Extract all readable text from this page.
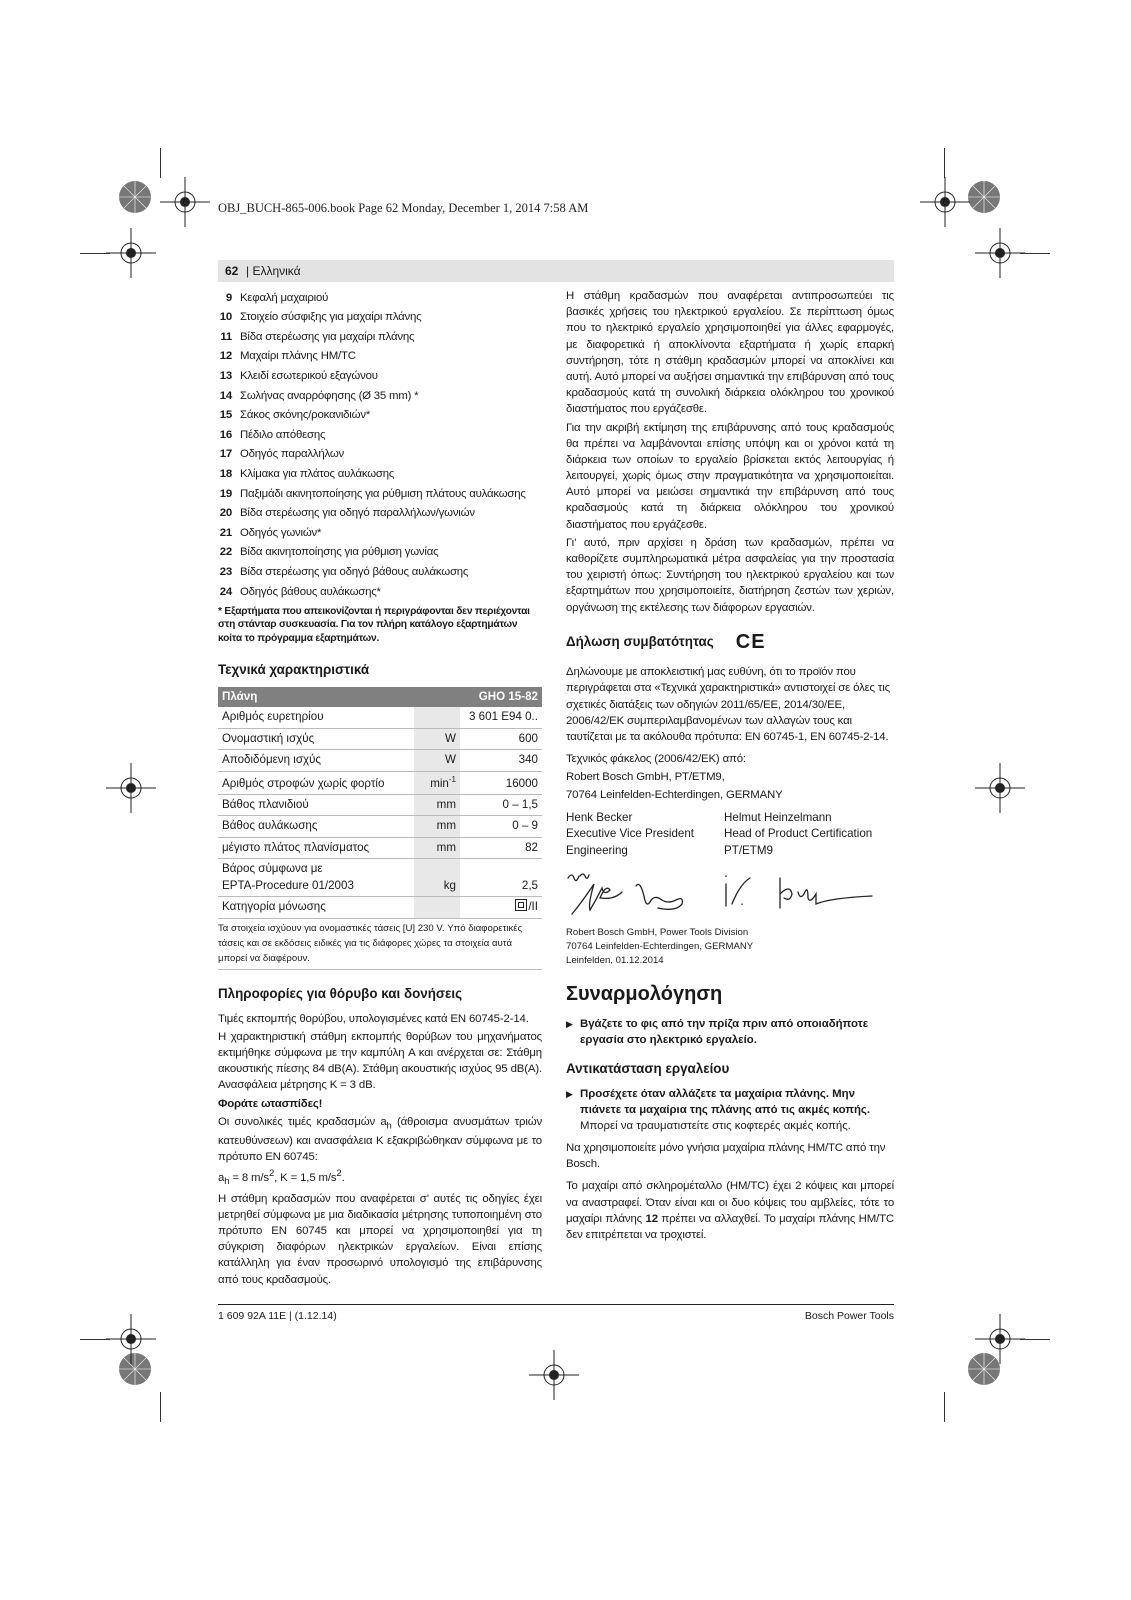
OBJ_BUCH-865-006.book Page 62 Monday, December 1, 2014 7:58 AM
62 | Ελληνικά
9 Κεφαλή μαχαιριού
10 Στοιχείο σύσφιξης για μαχαίρι πλάνης
11 Βίδα στερέωσης για μαχαίρι πλάνης
12 Μαχαίρι πλάνης HM/TC
13 Κλειδί εσωτερικού εξαγώνου
14 Σωλήνας αναρρόφησης (Ø 35 mm) *
15 Σάκος σκόνης/ροκανιδιών*
16 Πέδιλο απόθεσης
17 Οδηγός παραλλήλων
18 Κλίμακα για πλάτος αυλάκωσης
19 Παξιμάδι ακινητοποίησης για ρύθμιση πλάτους αυλάκωσης
20 Βίδα στερέωσης για οδηγό παραλλήλων/γωνιών
21 Οδηγός γωνιών*
22 Βίδα ακινητοποίησης για ρύθμιση γωνίας
23 Βίδα στερέωσης για οδηγό βάθους αυλάκωσης
24 Οδηγός βάθους αυλάκωσης*
* Εξαρτήματα που απεικονίζονται ή περιγράφονται δεν περιέχονται στη στάνταρ συσκευασία. Για τον πλήρη κατάλογο εξαρτημάτων κοίτα το πρόγραμμα εξαρτημάτων.
Τεχνικά χαρακτηριστικά
Πλάνη		GHO 15-82

Αριθμός ευρετηρίου		3 601 E94 0..

Ονομαστική ισχύς	W	600

Αποδιδόμενη ισχύς	W	340

Αριθμός στροφών χωρίς φορτίο	$\min^{-1}$	16000

Βάθος πλανιδιού	mm	0 – 1,5

Βάθος αυλάκωσης	mm	0 – 9

μέγιστο πλάτος πλανίσματος	mm	82

Βάρος σύμφωνα με
EPTA-Procedure 01/2003	kg	2,5

Κατηγορία μόνωσης		/II
Τα στοιχεία ισχύουν για ονομαστικές τάσεις [U] 230 V. Υπό διαφορετικές τάσεις και σε εκδόσεις ειδικές για τις διάφορες χώρες τα στοιχεία αυτά μπορεί να διαφέρουν.
Πληροφορίες για θόρυβο και δονήσεις

Τιμές εκπομπής θορύβου, υπολογισμένες κατά EN 60745-2-14.

Η χαρακτηριστική στάθμη εκπομπής θορύβων του μηχανήματος εκτιμήθηκε σύμφωνα με την καμπύλη A και ανέρχεται σε: Στάθμη ακουστικής πίεσης 84 dB(A). Στάθμη ακουστικής ισχύος 95 dB(A). Ανασφάλεια μέτρησης K = 3 dB.

Φοράτε ωτασπίδες!

Οι συνολικές τιμές κραδασμών $a_h$ (άθροισμα ανυσμάτων τριών κατευθύνσεων) και ανασφάλεια K εξακριβώθηκαν σύμφωνα με το πρότυπο EN 60745:

$a_h = 8$ $m/s^2$, K = 1,5 $m/s^2$.

Η στάθμη κραδασμών που αναφέρεται σ’ αυτές τις οδηγίες έχει μετρηθεί σύμφωνα με μια διαδικασία μέτρησης τυποποιημένη στο πρότυπο EN 60745 και μπορεί να χρησιμοποιηθεί για τη σύγκριση διαφόρων ηλεκτρικών εργαλείων. Είναι επίσης κατάλληλη για έναν προσωρινό υπολογισμό της επιβάρυνσης από τους κραδασμούς.

Η στάθμη κραδασμών που αναφέρεται αντιπροσωπεύει τις βασικές χρήσεις του ηλεκτρικού εργαλείου. Σε περίπτωση όμως που το ηλεκτρικό εργαλείο χρησιμοποιηθεί για άλλες εφαρμογές, με διαφορετικά ή αποκλίνοντα εξαρτήματα ή χωρίς επαρκή συντήρηση, τότε η στάθμη κραδασμών μπορεί να αποκλίνει και αυτή. Αυτό μπορεί να αυξήσει σημαντικά την επιβάρυνση από τους κραδασμούς κατά τη συνολική διάρκεια ολόκληρου του χρονικού διαστήματος που εργάζεσθε.

Για την ακριβή εκτίμηση της επιβάρυνσης από τους κραδασμούς θα πρέπει να λαμβάνονται επίσης υπόψη και οι χρόνοι κατά τη διάρκεια των οποίων το εργαλείο βρίσκεται εκτός λειτουργίας ή λειτουργεί, χωρίς όμως στην πραγματικότητα να χρησιμοποιείται. Αυτό μπορεί να μειώσει σημαντικά την επιβάρυνση από τους κραδασμούς κατά τη διάρκεια ολόκληρου του χρονικού διαστήματος που εργάζεσθε.

Γι’ αυτό, πριν αρχίσει η δράση των κραδασμών, πρέπει να καθορίζετε συμπληρωματικά μέτρα ασφαλείας για την προστασία του χειριστή όπως: Συντήρηση του ηλεκτρικού εργαλείου και των εξαρτημάτων που χρησιμοποιείτε, διατήρηση ζεστών των χεριών, οργάνωση της εκτέλεσης των διάφορων εργασιών.

Δήλωση συμβατότητας CE

Δηλώνουμε με αποκλειστική μας ευθύνη, ότι το προϊόν που περιγράφεται στα «Τεχνικά χαρακτηριστικά» αντιστοιχεί σε όλες τις σχετικές διατάξεις των οδηγιών 2011/65/EE, 2014/30/EE, 2006/42/EK συμπεριλαμβανομένων των αλλαγών τους και ταυτίζεται με τα ακόλουθα πρότυπα: EN 60745-1, EN 60745-2-14.

Τεχνικός φάκελος (2006/42/EK) από:

Robert Bosch GmbH, PT/ETM9,

70764 Leinfelden-Echterdingen, GERMANY

Henk Becker	Helmut Heinzelmann
Executive Vice President	Head of Product Certification
Engineering	PT/ETM9
Robert Bosch GmbH, Power Tools Division
70764 Leinfelden-Echterdingen, GERMANY
Leinfelden, 01.12.2014
Συναρμολόγηση
▶ Βγάζετε το φις από την πρίζα πριν από οποιαδήποτε εργασία στο ηλεκτρικό εργαλείο.
Αντικατάσταση εργαλείου
▶ Προσέχετε όταν αλλάζετε τα μαχαίρια πλάνης. Μην πιάνετε τα μαχαίρια της πλάνης από τις ακμές κοπής. Μπορεί να τραυματιστείτε στις κοφτερές ακμές κοπής.

Να χρησιμοποιείτε μόνο γνήσια μαχαίρια πλάνης HM/TC από την Bosch.

Το μαχαίρι από σκληρομέταλλο (HM/TC) έχει 2 κόψεις και μπορεί να αναστραφεί. Όταν είναι και οι δυο κόψεις του αμβλείες, τότε το μαχαίρι πλάνης 12 πρέπει να αλλαχθεί. Το μαχαίρι πλάνης HM/TC δεν επιτρέπεται να τροχιστεί.

1 609 92A 11E | (1.12.14)	Bosch Power Tools
